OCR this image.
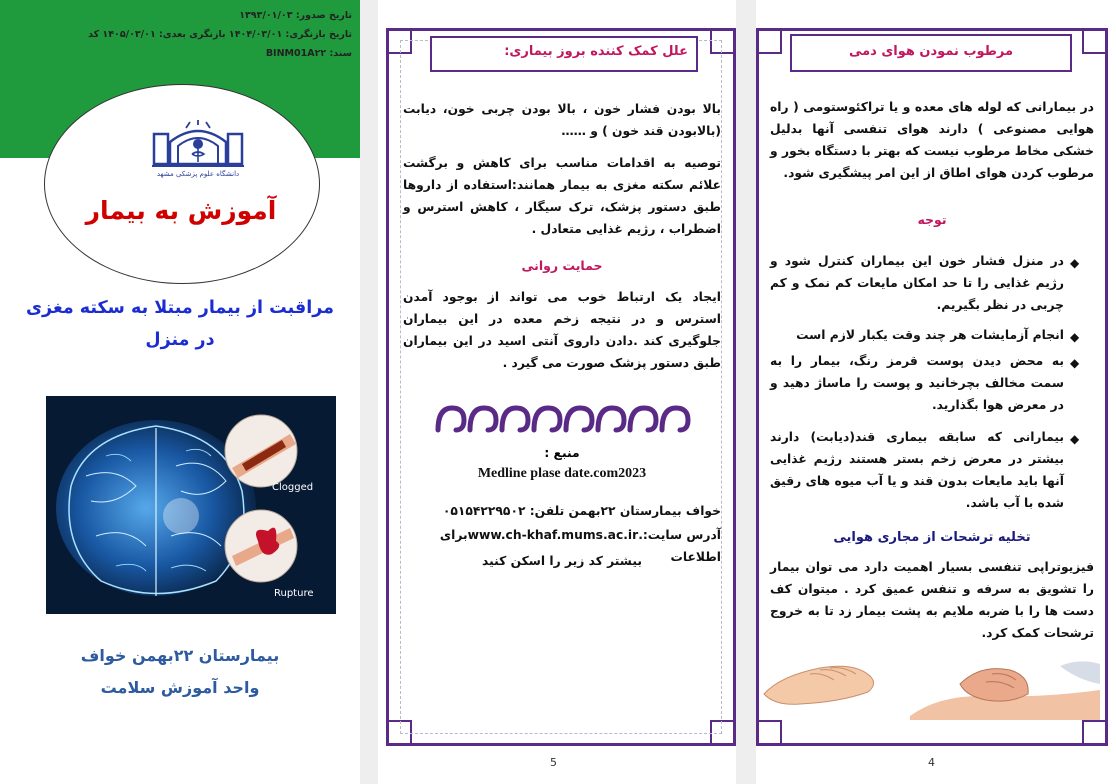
تاریخ صدور: ۱۳۹۳/۰۱/۰۳
تاریخ بازنگری: ۱۴۰۴/۰۳/۰۱ بازنگری بعدی: ۱۴۰۵/۰۳/۰۱ کد
سند: BINM01A۲۲
دانشگاه علوم پزشکی مشهد
آموزش به بیمار
مراقبت از بیمار مبتلا به سکته مغزی
در منزل
Clogged
Rupture
بیمارستان ۲۲بهمن خواف
واحد آموزش سلامت
علل کمک کننده بروز بیماری:
بالا بودن فشار خون ، بالا بودن چربی خون، دیابت (بالابودن قند خون ) و ……
توصیه به اقدامات مناسب برای کاهش و برگشت علائم سکته مغزی به بیمار همانند:استفاده از داروها طبق دستور پزشک، ترک سیگار ، کاهش استرس و اضطراب ، رژیم غذایی متعادل .
حمایت روانی
ایجاد یک ارتباط خوب می تواند از بوجود آمدن استرس و در نتیجه زخم معده در این بیماران جلوگیری کند .دادن داروی آنتی اسید در این بیماران طبق دستور پزشک صورت می گیرد .
منبع :
Medline plase date.com2023
خواف بیمارستان ۲۲بهمن تلفن: ۰۵۱۵۴۲۲۹۵۰۲
آدرس سایت:.www.ch-khaf.mums.ac.irبرای اطلاعات
بیشتر کد زیر را اسکن کنید
5
مرطوب نمودن هوای دمی
در بیمارانی که لوله های معده و یا تراکئوستومی ( راه هوایی مصنوعی ) دارند هوای تنفسی آنها بدلیل خشکی مخاط مرطوب نیست که بهتر با دستگاه بخور و مرطوب کردن هوای اطاق از این امر پیشگیری شود.
توجه
◆
در منزل فشار خون این بیماران کنترل شود و رژیم غذایی را تا حد امکان مایعات کم نمک و کم چربی در نظر بگیریم.
◆
انجام آزمایشات هر چند وقت یکبار لازم است
◆
به محض دیدن پوست قرمز رنگ، بیمار را به سمت مخالف بچرخانید و پوست را ماساژ دهید و در معرض هوا بگذارید.
◆
بیمارانی که سابقه بیماری قند(دیابت) دارند بیشتر در معرض زخم بستر هستند رژیم غذایی آنها باید مایعات بدون قند و یا آب میوه های رقیق شده با آب باشد.
تخلیه ترشحات از مجاری هوایی
فیزیوتراپی تنفسی بسیار اهمیت دارد می توان بیمار را تشویق به سرفه و تنفس عمیق کرد . میتوان کف دست ها را با ضربه ملایم به پشت بیمار زد تا به خروج ترشحات کمک کرد.
4
